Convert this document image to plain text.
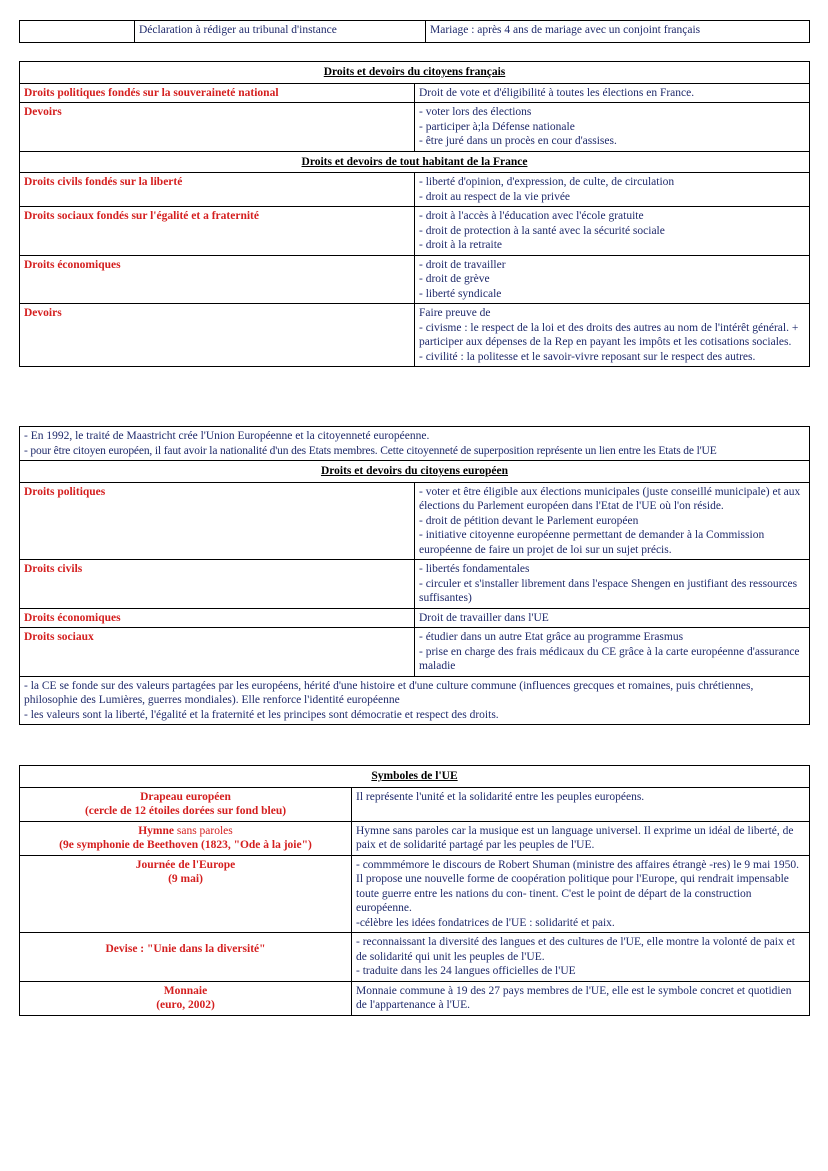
	Déclaration à rédiger au tribunal d'instance	Mariage : après 4 ans de mariage avec un conjoint français
Droits et devoirs du citoyens français	
Droits politiques fondés sur la souveraineté national	Droit de vote et d'éligibilité à toutes les élections en France.

Devoirs	- voter lors des élections
- participer à;la Défense nationale
- être juré dans un procès en cour d'assises.

Droits et devoirs de tout habitant de la France	
Droits civils fondés sur la liberté	- liberté d'opinion, d'expression, de culte, de circulation
- droit au respect de la vie privée

Droits sociaux fondés sur l'égalité et a fraternité	- droit à l'accès à l'éducation avec l'école gratuite
- droit de protection à la santé avec la sécurité sociale
- droit à la retraite

Droits économiques	- droit de travailler
- droit de grève
- liberté syndicale

Devoirs	Faire preuve de
- civisme : le respect de la loi et des droits des autres au nom de l'intérêt général. + participer aux dépenses de la Rep en payant les impôts et les cotisations sociales.
- civilité : la politesse et le savoir-vivre reposant sur le respect des autres.
- En 1992, le traité de Maastricht crée l'Union Européenne et la citoyenneté européenne.
- pour être citoyen européen, il faut avoir la nationalité d'un des Etats membres. Cette citoyenneté de superposition représente un lien entre les Etats de l'UE	

Droits et devoirs du citoyens européen	
Droits politiques	- voter et être éligible aux élections municipales (juste conseillé municipale) et aux élections du Parlement européen dans l'Etat de l'UE où l'on réside.
- droit de pétition devant le Parlement européen
- initiative citoyenne européenne permettant de demander à la Commission européenne de faire un projet de loi sur un sujet précis.

Droits civils	- libertés fondamentales
- circuler et s'installer librement dans l'espace Shengen en justifiant des ressources suffisantes)

Droits économiques	Droit de travailler dans l'UE

Droits sociaux	- étudier dans un autre Etat grâce au programme Erasmus
- prise en charge des frais médicaux du CE grâce à la carte européenne d'assurance maladie

- la CE se fonde sur des valeurs partagées par les européens, hérité d'une histoire et d'une culture commune (influences grecques et romaines, puis chrétiennes, philosophie des Lumières, guerres mondiales). Elle renforce l'identité européenne
- les valeurs sont la liberté, l'égalité et la fraternité et les principes sont démocratie et respect des droits.	
Symboles de l'UE	

Drapeau européen
(cercle de 12 étoiles dorées sur fond bleu)	Il représente l'unité et la solidarité entre les peuples européens.

Hymne sans paroles
(9e symphonie de Beethoven (1823, "Ode à la joie")	Hymne sans paroles car la musique est un language universel. Il exprime un idéal de liberté, de paix et de solidarité partagé par les peuples de l'UE.

Journée de l'Europe
(9 mai)	- commmémore le discours de Robert Shuman (ministre des affaires étrangè -res) le 9 mai 1950. Il propose une nouvelle forme de coopération politique pour l'Europe, qui rendrait impensable toute guerre entre les nations du con- tinent. C'est le point de départ de la construction européenne.
-célèbre les idées fondatrices de l'UE : solidarité et paix.

Devise : "Unie dans la diversité"	- reconnaissant la diversité des langues et des cultures de l'UE, elle montre la volonté de paix et de solidarité qui unit les peuples de l'UE.
- traduite dans les 24 langues officielles de l'UE

Monnaie
(euro, 2002)	Monnaie commune à 19 des 27 pays membres de l'UE, elle est le symbole concret et quotidien de l'appartenance à l'UE.
